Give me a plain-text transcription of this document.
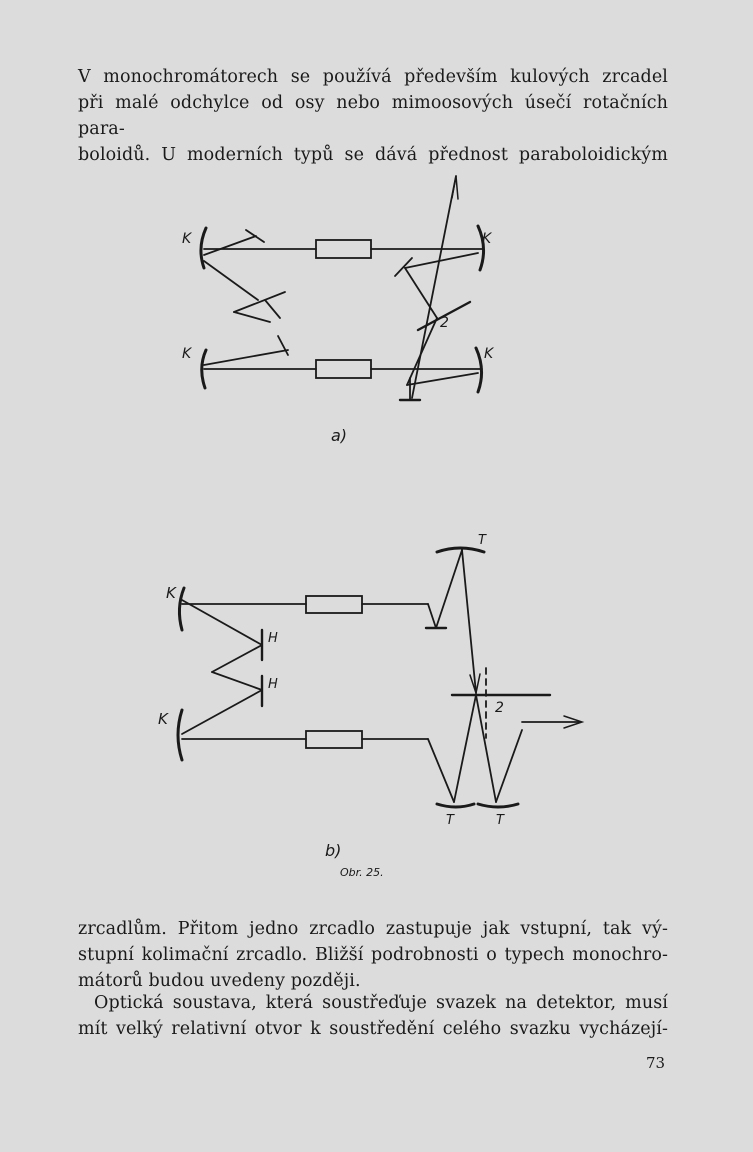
V monochromátorech se používá především kulových zrcadel
při malé odchylce od osy nebo mimoosových úsečí rotačních para-
boloidů. U moderních typů se dává přednost paraboloidickým

K	K
K	K
2
a)
K
K
H
H
T
T	T
2
b)
Obr. 25.

zrcadlům. Přitom jedno zrcadlo zastupuje jak vstupní, tak vý-
stupní kolimační zrcadlo. Bližší podrobnosti o typech monochro-
mátorů budou uvedeny později.

Optická soustava, která soustřeďuje svazek na detektor, musí
mít velký relativní otvor k soustředění celého svazku vycházejí-

73
